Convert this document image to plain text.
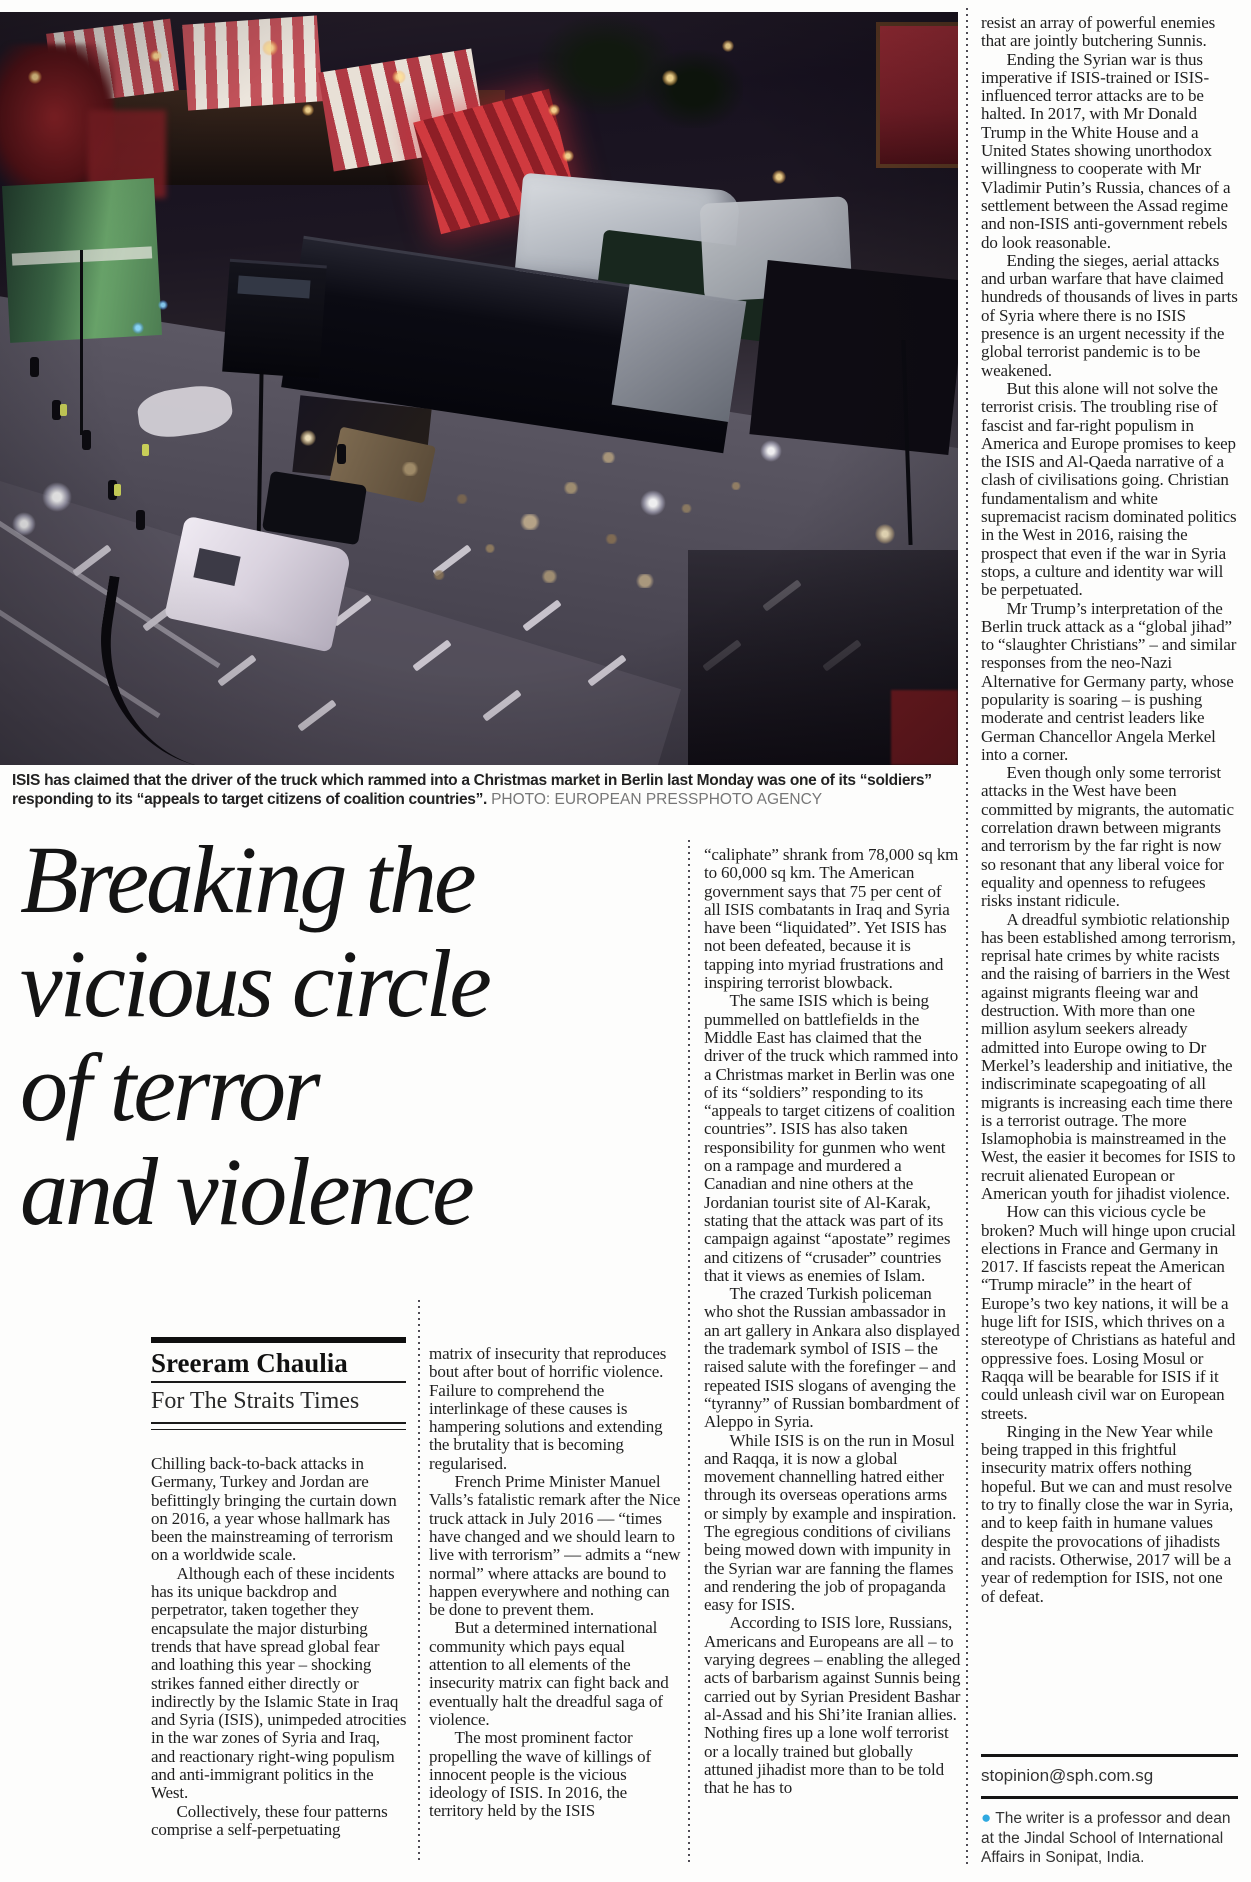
ISIS has claimed that the driver of the truck which rammed into a Christmas market in Berlin last Monday was one of its “soldiers” responding to its “appeals to target citizens of coalition countries”. PHOTO: EUROPEAN PRESSPHOTO AGENCY
Breaking the
vicious circle
of terror
and violence
Sreeram Chaulia
For The Straits Times

Chilling back-to-back attacks in Germany, Turkey and Jordan are befittingly bringing the curtain down on 2016, a year whose hallmark has been the mainstreaming of terrorism on a worldwide scale.

Although each of these incidents has its unique backdrop and perpetrator, taken together they encapsulate the major disturbing trends that have spread global fear and loathing this year – shocking strikes fanned either directly or indirectly by the Islamic State in Iraq and Syria (ISIS), unimpeded atrocities in the war zones of Syria and Iraq, and reactionary right-wing populism and anti-immigrant politics in the West.

Collectively, these four patterns comprise a self-perpetuating

matrix of insecurity that reproduces bout after bout of horrific violence. Failure to comprehend the interlinkage of these causes is hampering solutions and extending the brutality that is becoming regularised.

French Prime Minister Manuel Valls’s fatalistic remark after the Nice truck attack in July 2016 — “times have changed and we should learn to live with terrorism” — admits a “new normal” where attacks are bound to happen everywhere and nothing can be done to prevent them.

But a determined international community which pays equal attention to all elements of the insecurity matrix can fight back and eventually halt the dreadful saga of violence.

The most prominent factor propelling the wave of killings of innocent people is the vicious ideology of ISIS. In 2016, the territory held by the ISIS

“caliphate” shrank from 78,000 sq km to 60,000 sq km. The American government says that 75 per cent of all ISIS combatants in Iraq and Syria have been “liquidated”. Yet ISIS has not been defeated, because it is tapping into myriad frustrations and inspiring terrorist blowback.

The same ISIS which is being pummelled on battlefields in the Middle East has claimed that the driver of the truck which rammed into a Christmas market in Berlin was one of its “soldiers” responding to its “appeals to target citizens of coalition countries”. ISIS has also taken responsibility for gunmen who went on a rampage and murdered a Canadian and nine others at the Jordanian tourist site of Al-Karak, stating that the attack was part of its campaign against “apostate” regimes and citizens of “crusader” countries that it views as enemies of Islam.

The crazed Turkish policeman who shot the Russian ambassador in an art gallery in Ankara also displayed the trademark symbol of ISIS – the raised salute with the forefinger – and repeated ISIS slogans of avenging the “tyranny” of Russian bombardment of Aleppo in Syria.

While ISIS is on the run in Mosul and Raqqa, it is now a global movement channelling hatred either through its overseas operations arms or simply by example and inspiration. The egregious conditions of civilians being mowed down with impunity in the Syrian war are fanning the flames and rendering the job of propaganda easy for ISIS.

According to ISIS lore, Russians, Americans and Europeans are all – to varying degrees – enabling the alleged acts of barbarism against Sunnis being carried out by Syrian President Bashar al-Assad and his Shi’ite Iranian allies. Nothing fires up a lone wolf terrorist or a locally trained but globally attuned jihadist more than to be told that he has to

resist an array of powerful enemies that are jointly butchering Sunnis.

Ending the Syrian war is thus imperative if ISIS-trained or ISIS-influenced terror attacks are to be halted. In 2017, with Mr Donald Trump in the White House and a United States showing unorthodox willingness to cooperate with Mr Vladimir Putin’s Russia, chances of a settlement between the Assad regime and non-ISIS anti-government rebels do look reasonable.

Ending the sieges, aerial attacks and urban warfare that have claimed hundreds of thousands of lives in parts of Syria where there is no ISIS presence is an urgent necessity if the global terrorist pandemic is to be weakened.

But this alone will not solve the terrorist crisis. The troubling rise of fascist and far-right populism in America and Europe promises to keep the ISIS and Al-Qaeda narrative of a clash of civilisations going. Christian fundamentalism and white supremacist racism dominated politics in the West in 2016, raising the prospect that even if the war in Syria stops, a culture and identity war will be perpetuated.

Mr Trump’s interpretation of the Berlin truck attack as a “global jihad” to “slaughter Christians” – and similar responses from the neo-Nazi Alternative for Germany party, whose popularity is soaring – is pushing moderate and centrist leaders like German Chancellor Angela Merkel into a corner.

Even though only some terrorist attacks in the West have been committed by migrants, the automatic correlation drawn between migrants and terrorism by the far right is now so resonant that any liberal voice for equality and openness to refugees risks instant ridicule.

A dreadful symbiotic relationship has been established among terrorism, reprisal hate crimes by white racists and the raising of barriers in the West against migrants fleeing war and destruction. With more than one million asylum seekers already admitted into Europe owing to Dr Merkel’s leadership and initiative, the indiscriminate scapegoating of all migrants is increasing each time there is a terrorist outrage. The more Islamophobia is mainstreamed in the West, the easier it becomes for ISIS to recruit alienated European or American youth for jihadist violence.

How can this vicious cycle be broken? Much will hinge upon crucial elections in France and Germany in 2017. If fascists repeat the American “Trump miracle” in the heart of Europe’s two key nations, it will be a huge lift for ISIS, which thrives on a stereotype of Christians as hateful and oppressive foes. Losing Mosul or Raqqa will be bearable for ISIS if it could unleash civil war on European streets.

Ringing in the New Year while being trapped in this frightful insecurity matrix offers nothing hopeful. But we can and must resolve to try to finally close the war in Syria, and to keep faith in humane values despite the provocations of jihadists and racists. Otherwise, 2017 will be a year of redemption for ISIS, not one of defeat.

stopinion@sph.com.sg
● The writer is a professor and dean at the Jindal School of International Affairs in Sonipat, India.
